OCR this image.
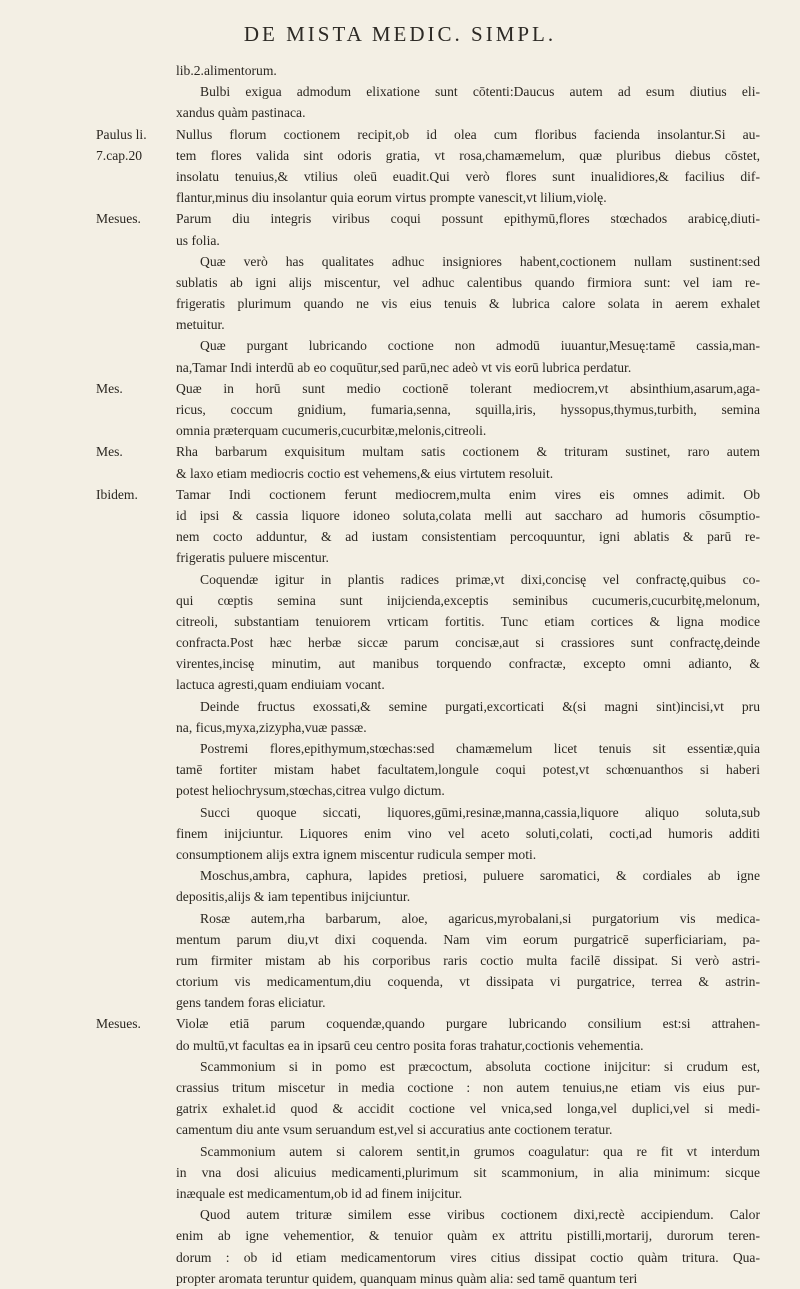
DE MISTA MEDIC. SIMPL.
lib.2.alimentorum.
Bulbi exigua admodum elixatione sunt cōtenti:Daucus autem ad esum diutius eli-
xandus quàm pastinaca.
Nullus florum coctionem recipit,ob id olea cum floribus facienda insolantur.Si au-
tem flores valida sint odoris gratia, vt rosa,chamæmelum, quæ pluribus diebus cōstet,
insolatu tenuius,& vtilius oleū euadit.Qui verò flores sunt inualidiores,& facilius dif-
flantur,minus diu insolantur quia eorum virtus prompte vanescit,vt lilium,violę.
Paulus li.
7.cap.20
Parum diu integris viribus coqui possunt epithymū,flores stœchados arabicę,diuti-
us folia.
Mesues.
Quæ verò has qualitates adhuc insigniores habent,coctionem nullam sustinent:sed
sublatis ab igni alijs miscentur, vel adhuc calentibus quando firmiora sunt: vel iam re-
frigeratis plurimum quando ne vis eius tenuis & lubrica calore solata in aerem exhalet
metuitur.
Quæ purgant lubricando coctione non admodū iuuantur,Mesuę:tamē cassia,man-
na,Tamar Indi interdū ab eo coquūtur,sed parū,nec adeò vt vis eorū lubrica perdatur.
Quæ in horū sunt medio coctionē tolerant mediocrem,vt absinthium,asarum,aga-
ricus, coccum gnidium, fumaria,senna, squilla,iris, hyssopus,thymus,turbith, semina
omnia præterquam cucumeris,cucurbitæ,melonis,citreoli.
Mes.
Rha barbarum exquisitum multam satis coctionem & trituram sustinet, raro autem
& laxo etiam mediocris coctio est vehemens,& eius virtutem resoluit.
Mes.
Tamar Indi coctionem ferunt mediocrem,multa enim vires eis omnes adimit. Ob
id ipsi & cassia liquore idoneo soluta,colata melli aut saccharo ad humoris cōsumptio-
nem cocto adduntur, & ad iustam consistentiam percoquuntur, igni ablatis & parū re-
frigeratis puluere miscentur.
Ibidem.
Coquendæ igitur in plantis radices primæ,vt dixi,concisę vel confractę,quibus co-
qui cœptis semina sunt inijcienda,exceptis seminibus cucumeris,cucurbitę,melonum,
citreoli, substantiam tenuiorem vrticam fortitis. Tunc etiam cortices & ligna modice
confracta.Post hæc herbæ siccæ parum concisæ,aut si crassiores sunt confractę,deinde
virentes,incisę minutim, aut manibus torquendo confractæ, excepto omni adianto, &
lactuca agresti,quam endiuiam vocant.
Deinde fructus exossati,& semine purgati,excorticati &(si magni sint)incisi,vt pru
na, ficus,myxa,zizypha,vuæ passæ.
Postremi flores,epithymum,stœchas:sed chamæmelum licet tenuis sit essentiæ,quia
tamē fortiter mistam habet facultatem,longule coqui potest,vt schœnuanthos si haberi
potest heliochrysum,stœchas,citrea vulgo dictum.
Succi quoque siccati, liquores,gūmi,resinæ,manna,cassia,liquore aliquo soluta,sub
finem inijciuntur. Liquores enim vino vel aceto soluti,colati, cocti,ad humoris additi
consumptionem alijs extra ignem miscentur rudicula semper moti.
Moschus,ambra, caphura, lapides pretiosi, puluere saromatici, & cordiales ab igne
depositis,alijs & iam tepentibus inijciuntur.
Rosæ autem,rha barbarum, aloe, agaricus,myrobalani,si purgatorium vis medica-
mentum parum diu,vt dixi coquenda. Nam vim eorum purgatricē superficiariam, pa-
rum firmiter mistam ab his corporibus raris coctio multa facilē dissipat. Si verò astri-
ctorium vis medicamentum,diu coquenda, vt dissipata vi purgatrice, terrea & astrin-
gens tandem foras eliciatur.
Violæ etiā parum coquendæ,quando purgare lubricando consilium est:si attrahen-
do multū,vt facultas ea in ipsarū ceu centro posita foras trahatur,coctionis vehementia.
Mesues.
Scammonium si in pomo est præcoctum, absoluta coctione inijcitur: si crudum est,
crassius tritum miscetur in media coctione : non autem tenuius,ne etiam vis eius pur-
gatrix exhalet.id quod & accidit coctione vel vnica,sed longa,vel duplici,vel si medi-
camentum diu ante vsum seruandum est,vel si accuratius ante coctionem teratur.
Scammonium autem si calorem sentit,in grumos coagulatur: qua re fit vt interdum
in vna dosi alicuius medicamenti,plurimum sit scammonium, in alia minimum: sicque
inæquale est medicamentum,ob id ad finem inijcitur.
Quod autem trituræ similem esse viribus coctionem dixi,rectè accipiendum. Calor
enim ab igne vehementior, & tenuior quàm ex attritu pistilli,mortarij, durorum teren-
dorum : ob id etiam medicamentorum vires citius dissipat coctio quàm tritura. Qua-
propter aromata teruntur quidem, quanquam minus quàm alia: sed tamē quantum teri
